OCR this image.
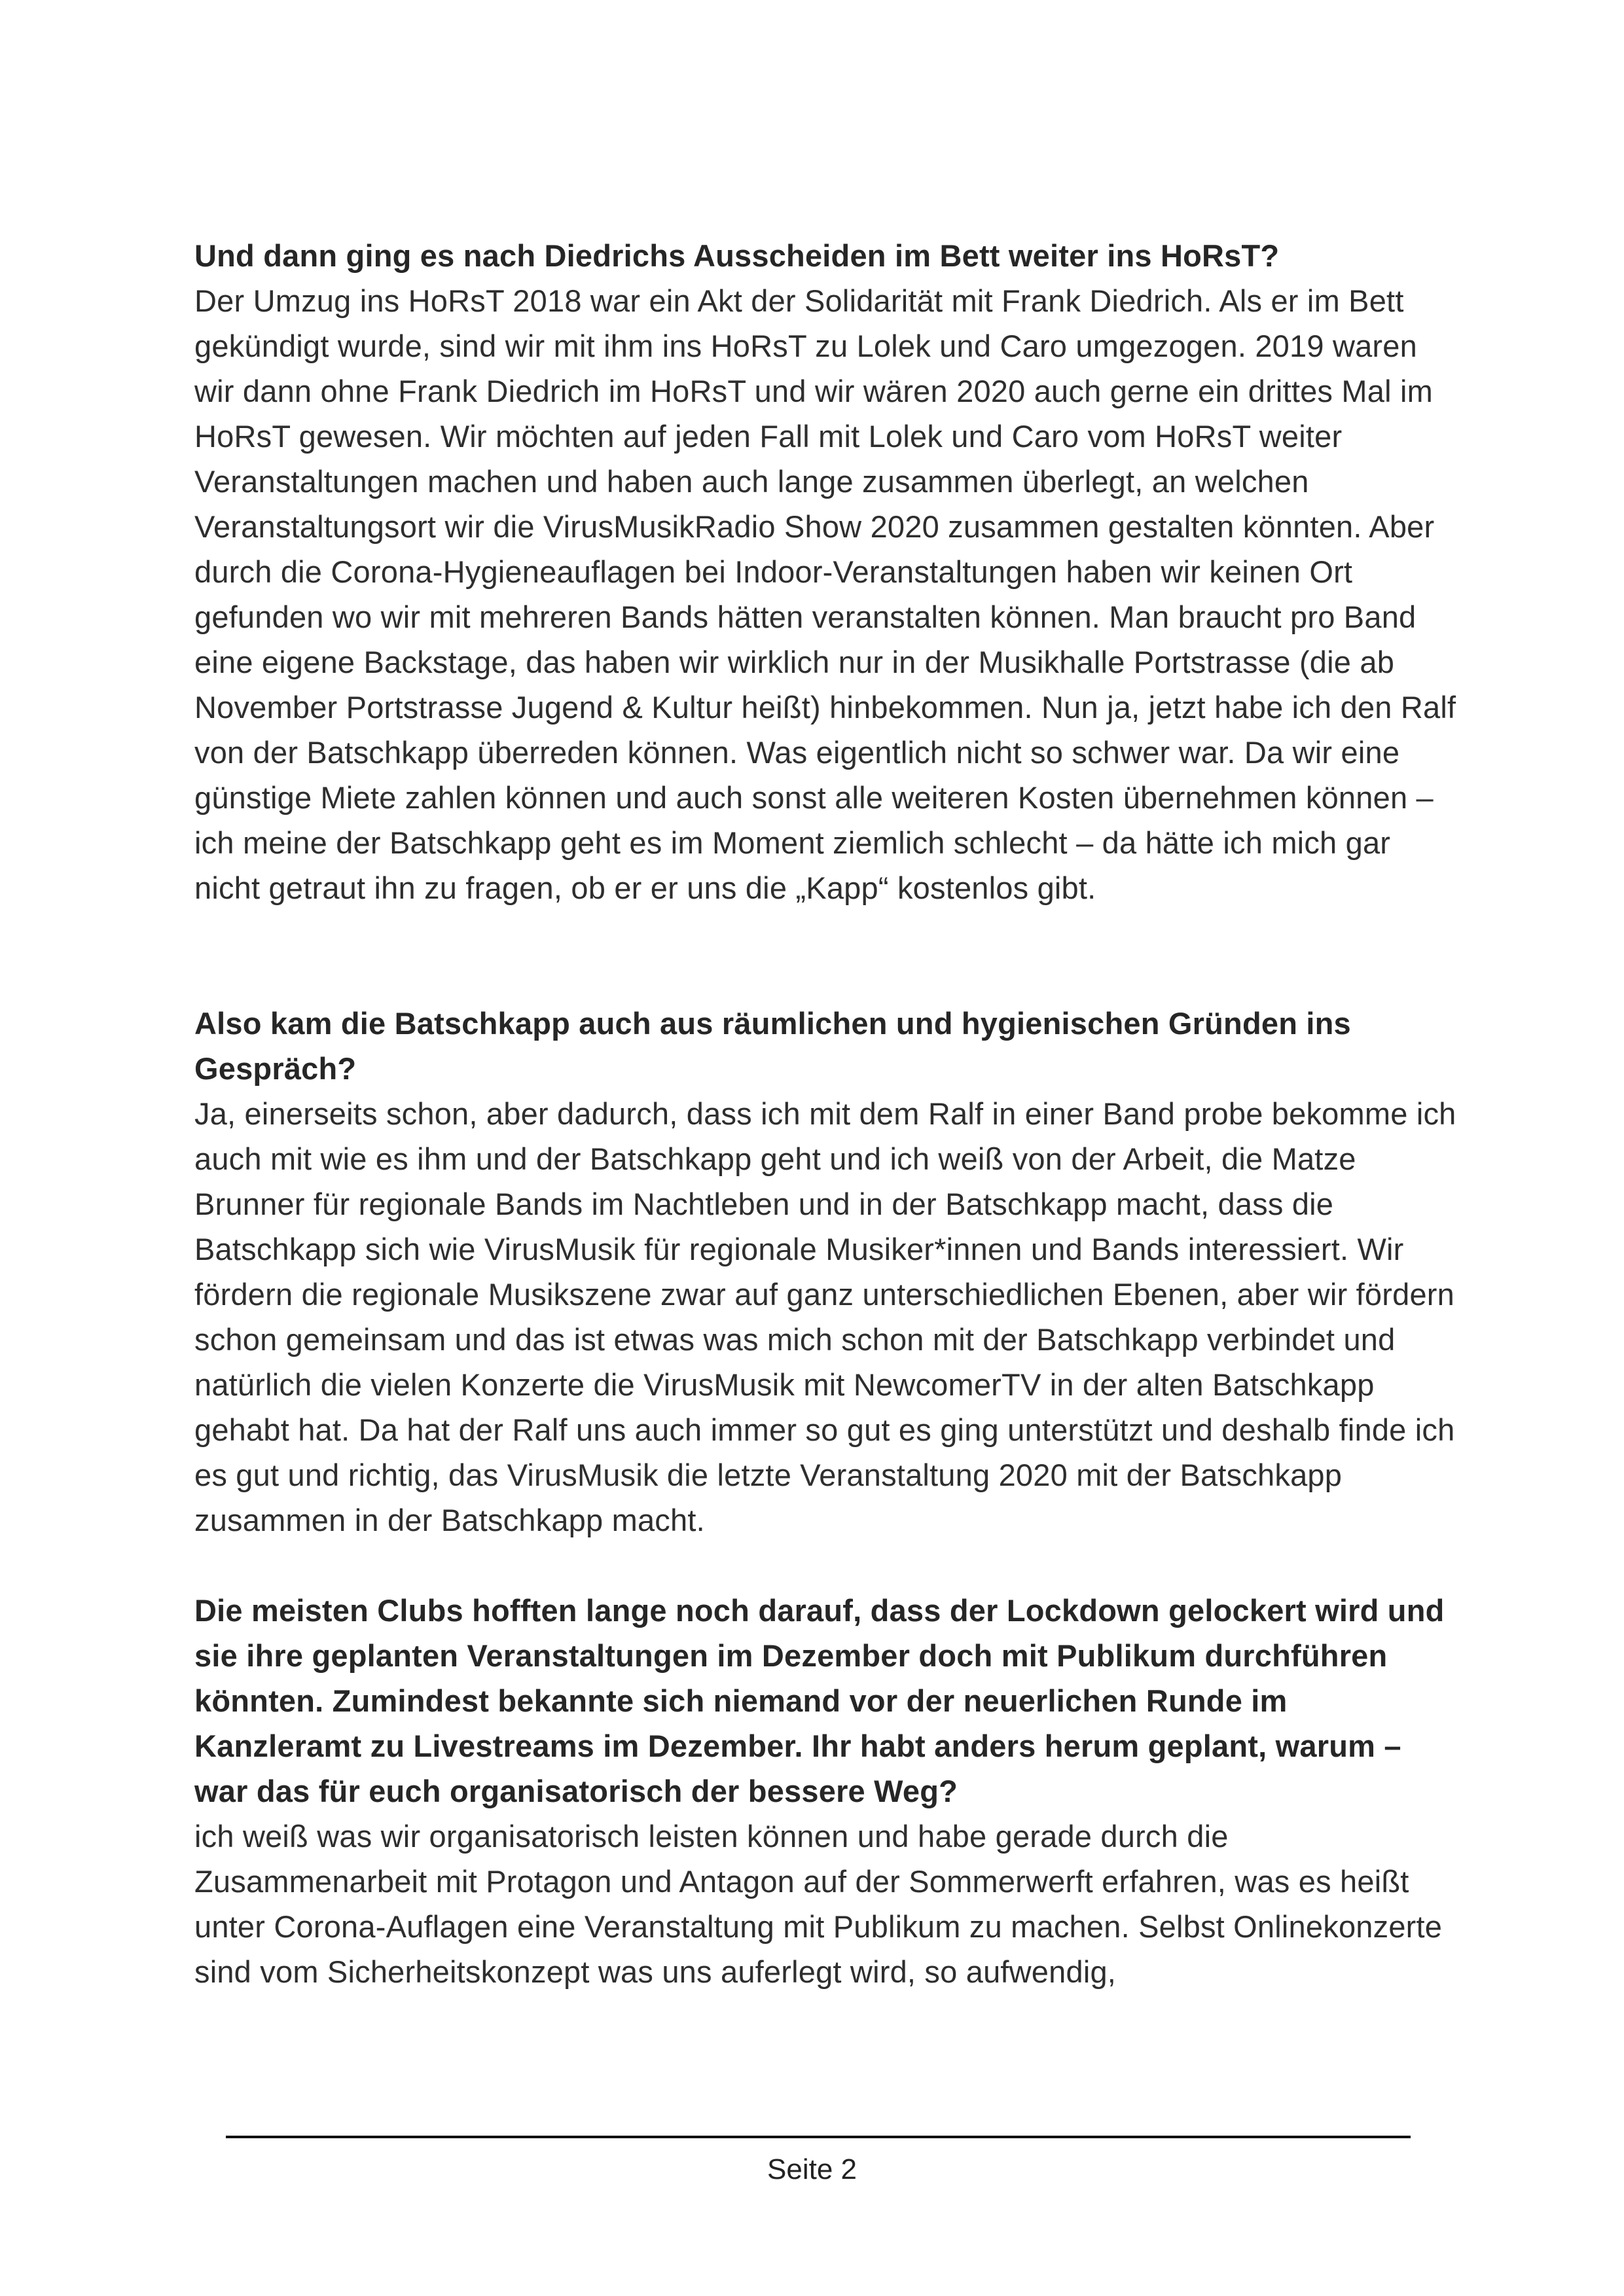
Und dann ging es nach Diedrichs Ausscheiden im Bett weiter ins HoRsT?

Der Umzug ins HoRsT 2018 war ein Akt der Solidarität mit Frank Diedrich. Als er im Bett gekündigt wurde, sind wir mit ihm ins HoRsT zu Lolek und Caro umgezogen. 2019 waren wir dann ohne Frank Diedrich im HoRsT und wir wären 2020 auch gerne ein drittes Mal im HoRsT gewesen. Wir möchten auf jeden Fall mit Lolek und Caro vom HoRsT weiter Veranstaltungen machen und haben auch lange zusammen überlegt, an welchen Veranstaltungsort wir die VirusMusikRadio Show 2020 zusammen gestalten könnten. Aber durch die Corona-Hygieneauflagen bei Indoor-Veranstaltungen haben wir keinen Ort gefunden wo wir mit mehreren Bands hätten veranstalten können. Man braucht pro Band eine eigene Backstage, das haben wir wirklich nur in der Musikhalle Portstrasse (die ab November Portstrasse Jugend & Kultur heißt) hinbekommen. Nun ja, jetzt habe ich den Ralf von der Batschkapp überreden können. Was eigentlich nicht so schwer war. Da wir eine günstige Miete zahlen können und auch sonst alle weiteren Kosten übernehmen können – ich meine der Batschkapp geht es im Moment ziemlich schlecht – da hätte ich mich gar nicht getraut ihn zu fragen, ob er er uns die „Kapp“ kostenlos gibt.

Also kam die Batschkapp auch aus räumlichen und hygienischen Gründen ins Gespräch?

Ja, einerseits schon, aber dadurch, dass ich mit dem Ralf in einer Band probe bekomme ich auch mit wie es ihm und der Batschkapp geht und ich weiß von der Arbeit, die Matze Brunner für regionale Bands im Nachtleben und in der Batschkapp macht, dass die Batschkapp sich wie VirusMusik für regionale Musiker*innen und Bands interessiert. Wir fördern die regionale Musikszene zwar auf ganz unterschiedlichen Ebenen, aber wir fördern schon gemeinsam und das ist etwas was mich schon mit der Batschkapp verbindet und natürlich die vielen Konzerte die VirusMusik mit NewcomerTV in der alten Batschkapp gehabt hat. Da hat der Ralf uns auch immer so gut es ging unterstützt und deshalb finde ich es gut und richtig, das VirusMusik die letzte Veranstaltung 2020 mit der Batschkapp zusammen in der Batschkapp macht.

Die meisten Clubs hofften lange noch darauf, dass der Lockdown gelockert wird und sie ihre geplanten Veranstaltungen im Dezember doch mit Publikum durchführen könnten. Zumindest bekannte sich niemand vor der neuerlichen Runde im Kanzleramt zu Livestreams im Dezember. Ihr habt anders herum geplant, warum – war das für euch organisatorisch der bessere Weg?

ich weiß was wir organisatorisch leisten können und habe gerade durch die Zusammenarbeit mit Protagon und Antagon auf der Sommerwerft erfahren, was es heißt unter Corona-Auflagen eine Veranstaltung mit Publikum zu machen. Selbst Onlinekonzerte sind vom Sicherheitskonzept was uns auferlegt wird, so aufwendig,

Seite 2
